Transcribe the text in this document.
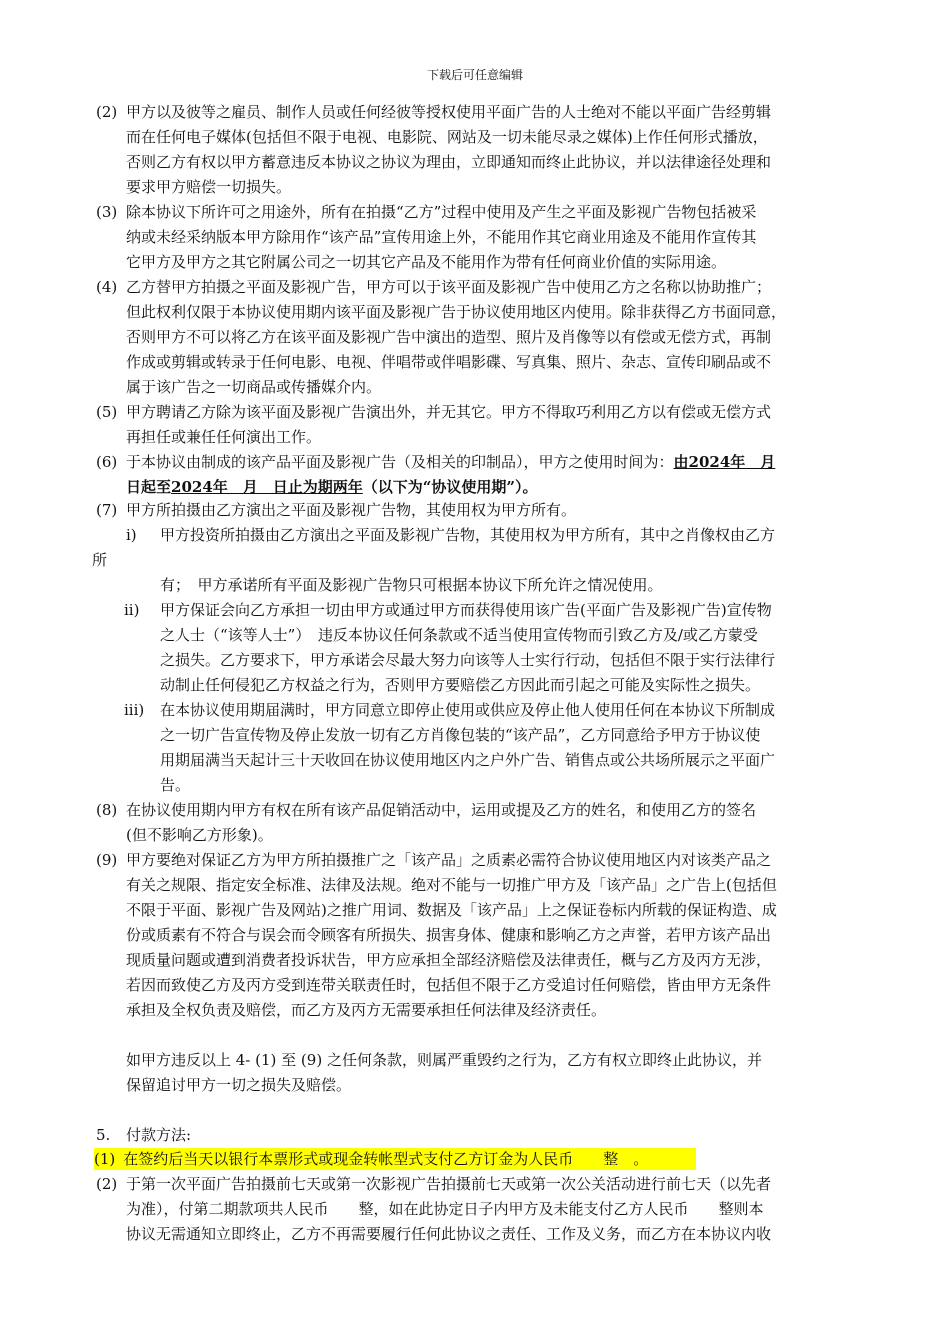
下载后可任意编辑
(2) 甲方以及彼等之雇员、制作人员或任何经彼等授权使用平面广告的人士绝对不能以平面广告经剪辑
而在任何电子媒体(包括但不限于电视、电影院、网站及一切未能尽录之媒体)上作任何形式播放，
否则乙方有权以甲方蓄意违反本协议之协议为理由，立即通知而终止此协议，并以法律途径处理和
要求甲方赔偿一切损失。
(3) 除本协议下所许可之用途外，所有在拍摄“乙方”过程中使用及产生之平面及影视广告物包括被采
纳或未经采纳版本甲方除用作“该产品”宣传用途上外，不能用作其它商业用途及不能用作宣传其
它甲方及甲方之其它附属公司之一切其它产品及不能用作为带有任何商业价值的实际用途。
(4) 乙方替甲方拍摄之平面及影视广告，甲方可以于该平面及影视广告中使用乙方之名称以协助推广；
但此权利仅限于本协议使用期内该平面及影视广告于协议使用地区内使用。除非获得乙方书面同意，
否则甲方不可以将乙方在该平面及影视广告中演出的造型、照片及肖像等以有偿或无偿方式，再制
作成或剪辑或转录于任何电影、电视、伴唱带或伴唱影碟、写真集、照片、杂志、宣传印刷品或不
属于该广告之一切商品或传播媒介内。
(5) 甲方聘请乙方除为该平面及影视广告演出外，并无其它。甲方不得取巧利用乙方以有偿或无偿方式
再担任或兼任任何演出工作。
(6) 于本协议由制成的该产品平面及影视广告（及相关的印制品），甲方之使用时间为：由2024年　月
日起至2024年　月　日止为期两年（以下为“协议使用期”）。
(7) 甲方所拍摄由乙方演出之平面及影视广告物，其使用权为甲方所有。
i) 甲方投资所拍摄由乙方演出之平面及影视广告物，其使用权为甲方所有，其中之肖像权由乙方
所
有；　甲方承诺所有平面及影视广告物只可根据本协议下所允许之情况使用。
ii) 甲方保证会向乙方承担一切由甲方或通过甲方而获得使用该广告(平面广告及影视广告)宣传物
之人士（“该等人士”）　违反本协议任何条款或不适当使用宣传物而引致乙方及/或乙方蒙受
之损失。乙方要求下，甲方承诺会尽最大努力向该等人士实行行动，包括但不限于实行法律行
动制止任何侵犯乙方权益之行为，否则甲方要赔偿乙方因此而引起之可能及实际性之损失。
iii) 在本协议使用期届满时，甲方同意立即停止使用或供应及停止他人使用任何在本协议下所制成
之一切广告宣传物及停止发放一切有乙方肖像包装的“该产品”，乙方同意给予甲方于协议使
用期届满当天起计三十天收回在协议使用地区内之户外广告、销售点或公共场所展示之平面广
告。
(8) 在协议使用期内甲方有权在所有该产品促销活动中，运用或提及乙方的姓名，和使用乙方的签名
(但不影响乙方形象)。
(9) 甲方要绝对保证乙方为甲方所拍摄推广之「该产品」之质素必需符合协议使用地区内对该类产品之
有关之规限、指定安全标准、法律及法规。绝对不能与一切推广甲方及「该产品」之广告上(包括但
不限于平面、影视广告及网站)之推广用词、数据及「该产品」上之保证卷标内所载的保证构造、成
份或质素有不符合与误会而令顾客有所损失、损害身体、健康和影响乙方之声誉，若甲方该产品出
现质量问题或遭到消费者投诉状告，甲方应承担全部经济赔偿及法律责任，概与乙方及丙方无涉，
若因而致使乙方及丙方受到连带关联责任时，包括但不限于乙方受追讨任何赔偿，皆由甲方无条件
承担及全权负责及赔偿，而乙方及丙方无需要承担任何法律及经济责任。
如甲方违反以上 4- (1) 至 (9) 之任何条款，则属严重毁约之行为，乙方有权立即终止此协议，并
保留追讨甲方一切之损失及赔偿。
5. 付款方法:
(1) 在签约后当天以银行本票形式或现金转帐型式支付乙方订金为人民币　　整　。
(2) 于第一次平面广告拍摄前七天或第一次影视广告拍摄前七天或第一次公关活动进行前七天（以先者
为准），付第二期款项共人民币　　整，如在此协定日子内甲方及未能支付乙方人民币　　整则本
协议无需通知立即终止，乙方不再需要履行任何此协议之责任、工作及义务，而乙方在本协议内收
